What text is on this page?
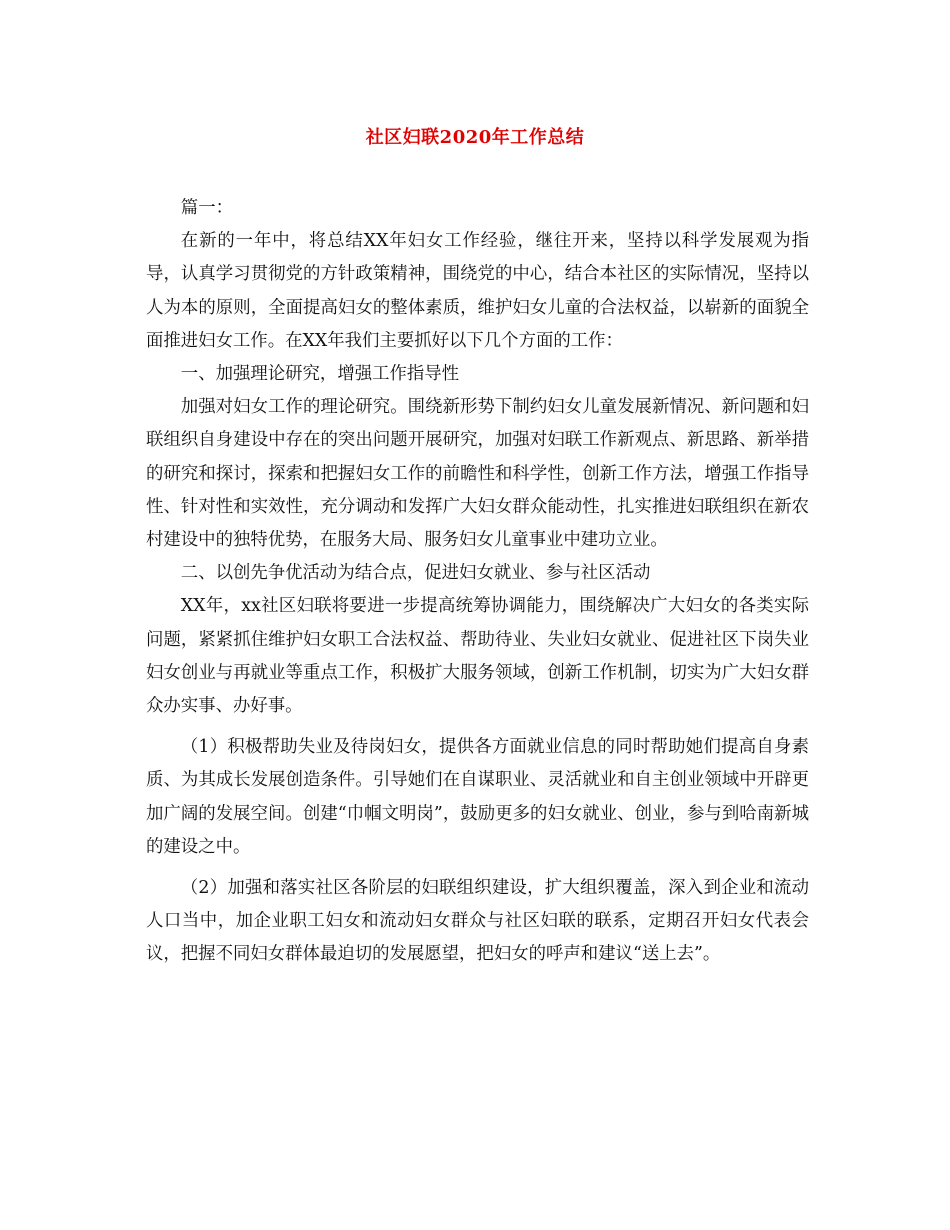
社区妇联2020年工作总结

篇一：

在新的一年中，将总结XX年妇女工作经验，继往开来，坚持以科学发展观为指导，认真学习贯彻党的方针政策精神，围绕党的中心，结合本社区的实际情况，坚持以人为本的原则，全面提高妇女的整体素质，维护妇女儿童的合法权益，以崭新的面貌全面推进妇女工作。在XX年我们主要抓好以下几个方面的工作：

一、加强理论研究，增强工作指导性

加强对妇女工作的理论研究。围绕新形势下制约妇女儿童发展新情况、新问题和妇联组织自身建设中存在的突出问题开展研究，加强对妇联工作新观点、新思路、新举措的研究和探讨，探索和把握妇女工作的前瞻性和科学性，创新工作方法，增强工作指导性、针对性和实效性，充分调动和发挥广大妇女群众能动性，扎实推进妇联组织在新农村建设中的独特优势，在服务大局、服务妇女儿童事业中建功立业。

二、以创先争优活动为结合点，促进妇女就业、参与社区活动

XX年，xx社区妇联将要进一步提高统筹协调能力，围绕解决广大妇女的各类实际问题，紧紧抓住维护妇女职工合法权益、帮助待业、失业妇女就业、促进社区下岗失业妇女创业与再就业等重点工作，积极扩大服务领域，创新工作机制，切实为广大妇女群众办实事、办好事。

（1）积极帮助失业及待岗妇女，提供各方面就业信息的同时帮助她们提高自身素质、为其成长发展创造条件。引导她们在自谋职业、灵活就业和自主创业领域中开辟更加广阔的发展空间。创建“巾帼文明岗”，鼓励更多的妇女就业、创业，参与到哈南新城的建设之中。

（2）加强和落实社区各阶层的妇联组织建设，扩大组织覆盖，深入到企业和流动人口当中，加企业职工妇女和流动妇女群众与社区妇联的联系，定期召开妇女代表会议，把握不同妇女群体最迫切的发展愿望，把妇女的呼声和建议“送上去”。
